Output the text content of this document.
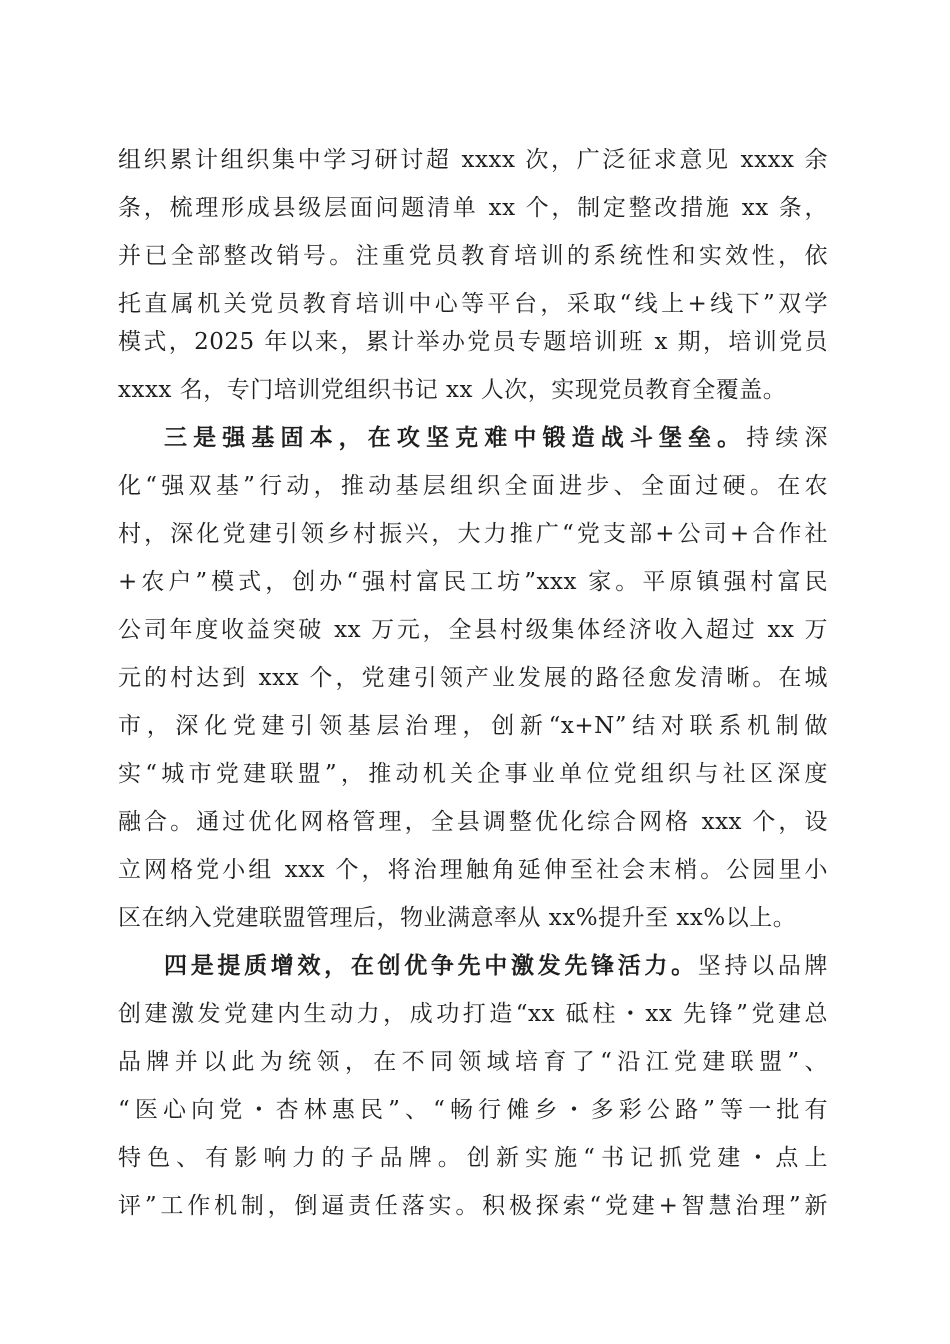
组织累计组织集中学习研讨超 xxxx 次，广泛征求意见 xxxx 余

条，梳理形成县级层面问题清单 xx 个，制定整改措施 xx 条，

并已全部整改销号。注重党员教育培训的系统性和实效性，依

托直属机关党员教育培训中心等平台，采取“线上+线下”双学

模式，2025 年以来，累计举办党员专题培训班 x 期，培训党员

xxxx 名，专门培训党组织书记 xx 人次，实现党员教育全覆盖。

三是强基固本，在攻坚克难中锻造战斗堡垒。持续深

化“强双基”行动，推动基层组织全面进步、全面过硬。在农

村，深化党建引领乡村振兴，大力推广“党支部+公司+合作社

+农户”模式，创办“强村富民工坊”xxx 家。平原镇强村富民

公司年度收益突破 xx 万元，全县村级集体经济收入超过 xx 万

元的村达到 xxx 个，党建引领产业发展的路径愈发清晰。在城

市，深化党建引领基层治理，创新“x+N”结对联系机制做

实“城市党建联盟”，推动机关企事业单位党组织与社区深度

融合。通过优化网格管理，全县调整优化综合网格 xxx 个，设

立网格党小组 xxx 个，将治理触角延伸至社会末梢。公园里小

区在纳入党建联盟管理后，物业满意率从 xx%提升至 xx%以上。

四是提质增效，在创优争先中激发先锋活力。坚持以品牌

创建激发党建内生动力，成功打造“xx 砥柱・xx 先锋”党建总

品牌并以此为统领，在不同领域培育了“沿江党建联盟”、

“医心向党・杏林惠民”、“畅行傩乡・多彩公路”等一批有

特色、有影响力的子品牌。创新实施“书记抓党建・点上

评”工作机制，倒逼责任落实。积极探索“党建+智慧治理”新
